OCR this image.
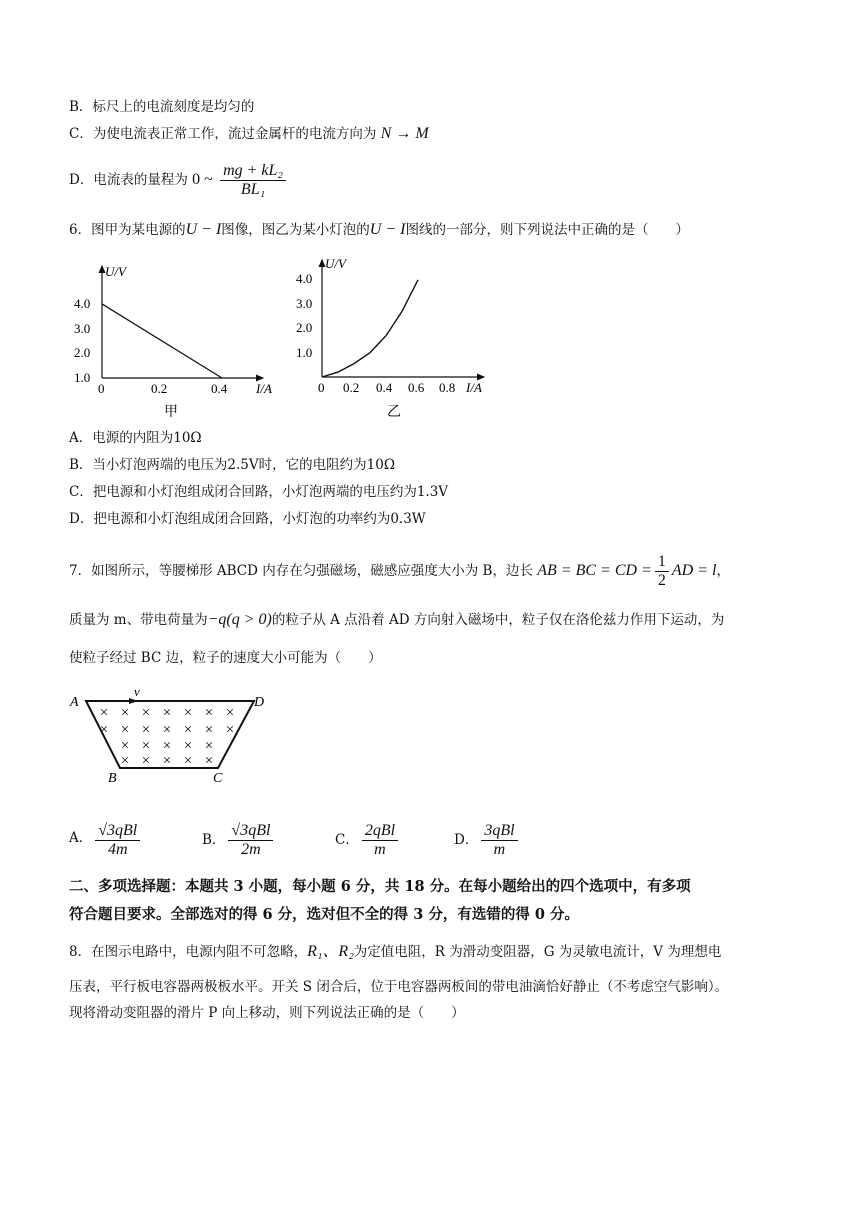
B．标尺上的电流刻度是均匀的
C．为使电流表正常工作，流过金属杆的电流方向为 N → M
D．电流表的量程为 0 ~ $\frac{\text{mg + kL₂}}{\text{BL₁}}$
6．图甲为某电源的U − I图像，图乙为某小灯泡的U − I图线的一部分，则下列说法中正确的是（　　）
U/V
I/A
4.0
3.0
2.0
1.0
0	0.2	0.4
甲
U/V
I/A
4.0
3.0
2.0
1.0
0 0.2 0.4 0.6 0.8
乙
A．电源的内阻为10Ω
B．当小灯泡两端的电压为2.5V时，它的电阻约为10Ω
C．把电源和小灯泡组成闭合回路，小灯泡两端的电压约为1.3V
D．把电源和小灯泡组成闭合回路，小灯泡的功率约为0.3W
7．如图所示，等腰梯形 ABCD 内存在匀强磁场，磁感应强度大小为 B，边长 AB = BC = CD = $\frac{1}{2}$ AD = l，
质量为 m、带电荷量为−q(q > 0)的粒子从 A 点沿着 AD 方向射入磁场中，粒子仅在洛伦兹力作用下运动，为
使粒子经过 BC 边，粒子的速度大小可能为（　　）
v
A	D
B	C
× × × × × × ×
× × × × × × ×
× × × × ×
× × × × ×
A． $\frac{\text{√3qBl}}{4m}$	B． $\frac{\text{√3qBl}}{2m}$	C． $\frac{\text{2qBl}}{m}$	D． $\frac{\text{3qBl}}{m}$
二、多项选择题：本题共 3 小题，每小题 6 分，共 18 分。在每小题给出的四个选项中，有多项
符合题目要求。全部选对的得 6 分，选对但不全的得 3 分，有选错的得 0 分。
8．在图示电路中，电源内阻不可忽略，R₁、R₂为定值电阻，R 为滑动变阻器，G 为灵敏电流计，V 为理想电
压表，平行板电容器两极板水平。开关 S 闭合后，位于电容器两板间的带电油滴恰好静止（不考虑空气影响）。
现将滑动变阻器的滑片 P 向上移动，则下列说法正确的是（　　）
